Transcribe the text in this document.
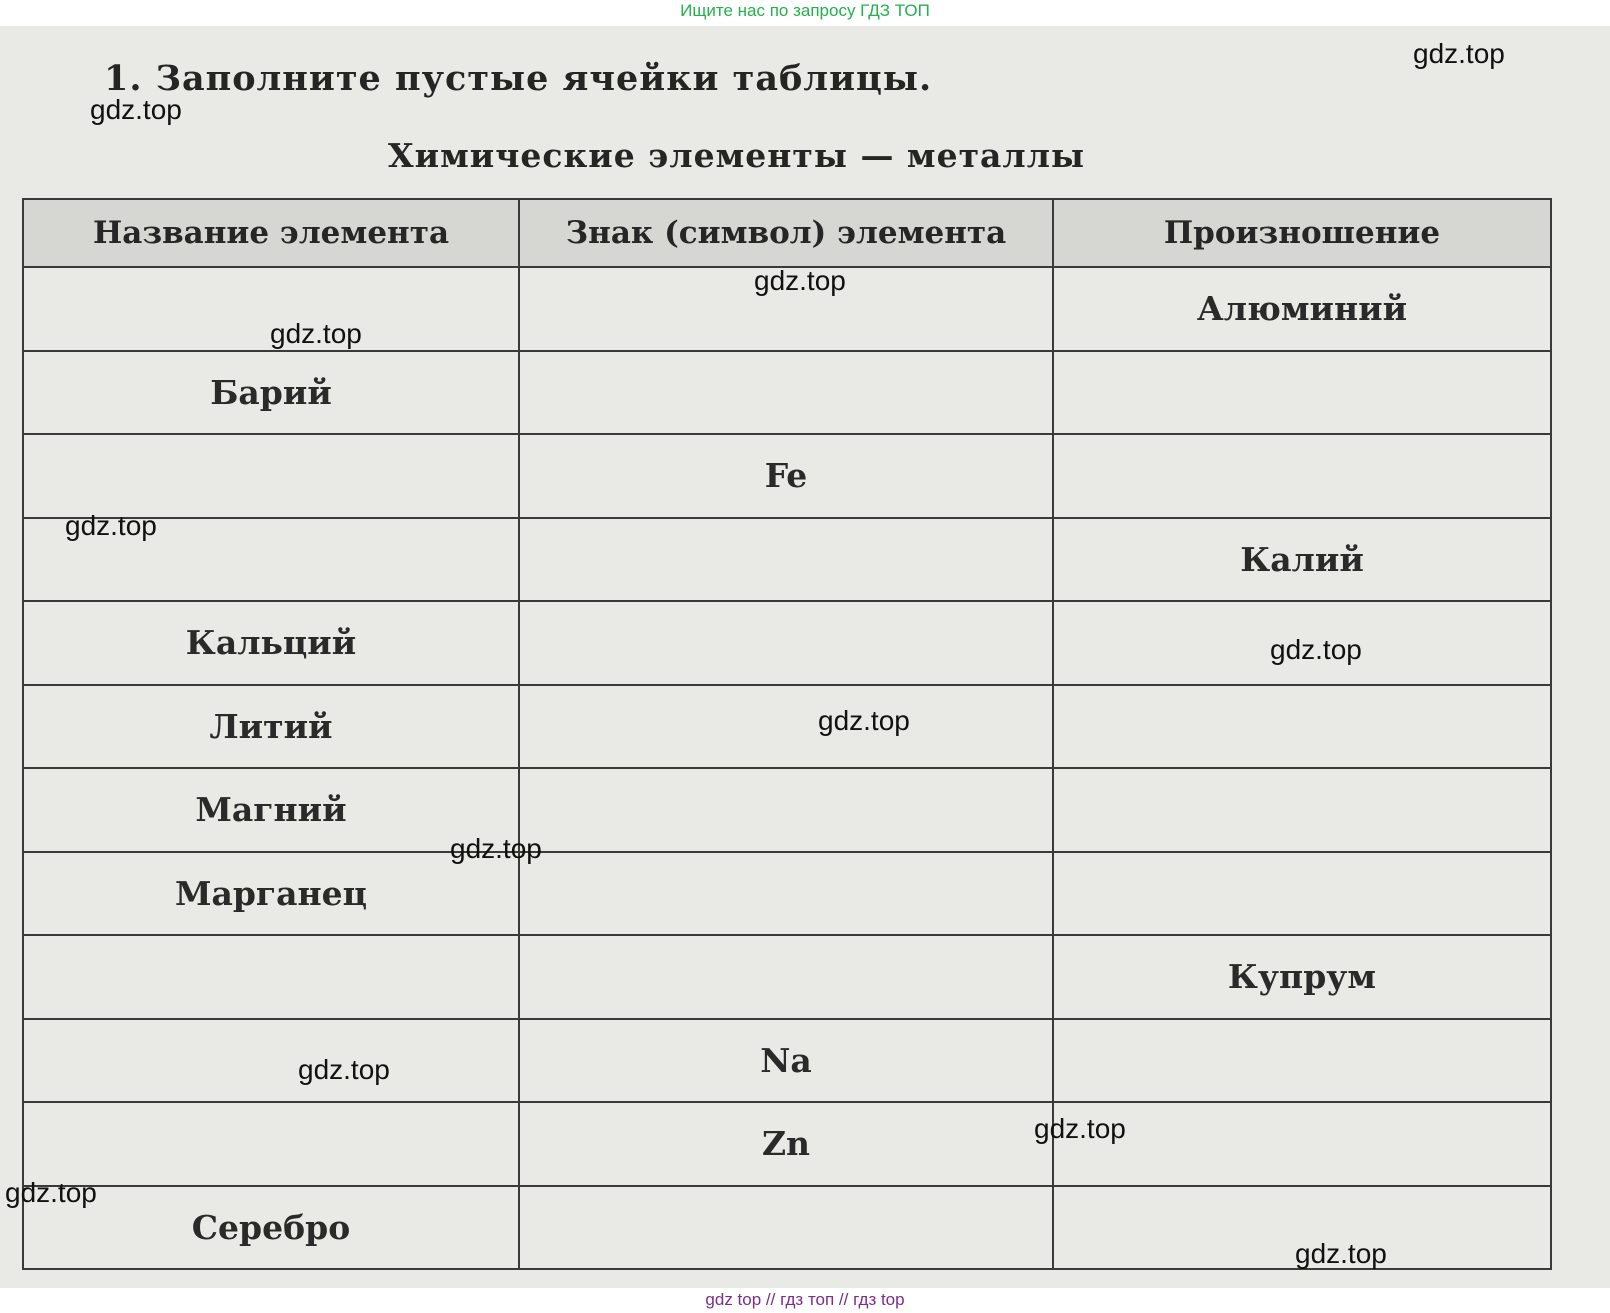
Ищите нас по запросу ГДЗ ТОП
1. Заполните пустые ячейки таблицы.
Химические элементы — металлы
Название элемента	Знак (символ) элемента	Произношение
		Алюминий
Барий		
	Fe	
		Калий
Кальций		
Литий		
Магний		
Марганец		
		Купрум
	Na	
	Zn	
Серебро		
gdz.top
gdz.top
gdz.top
gdz.top
gdz.top
gdz.top
gdz.top
gdz.top
gdz.top
gdz.top
gdz.top
gdz.top
gdz top // гдз топ // гдз top
